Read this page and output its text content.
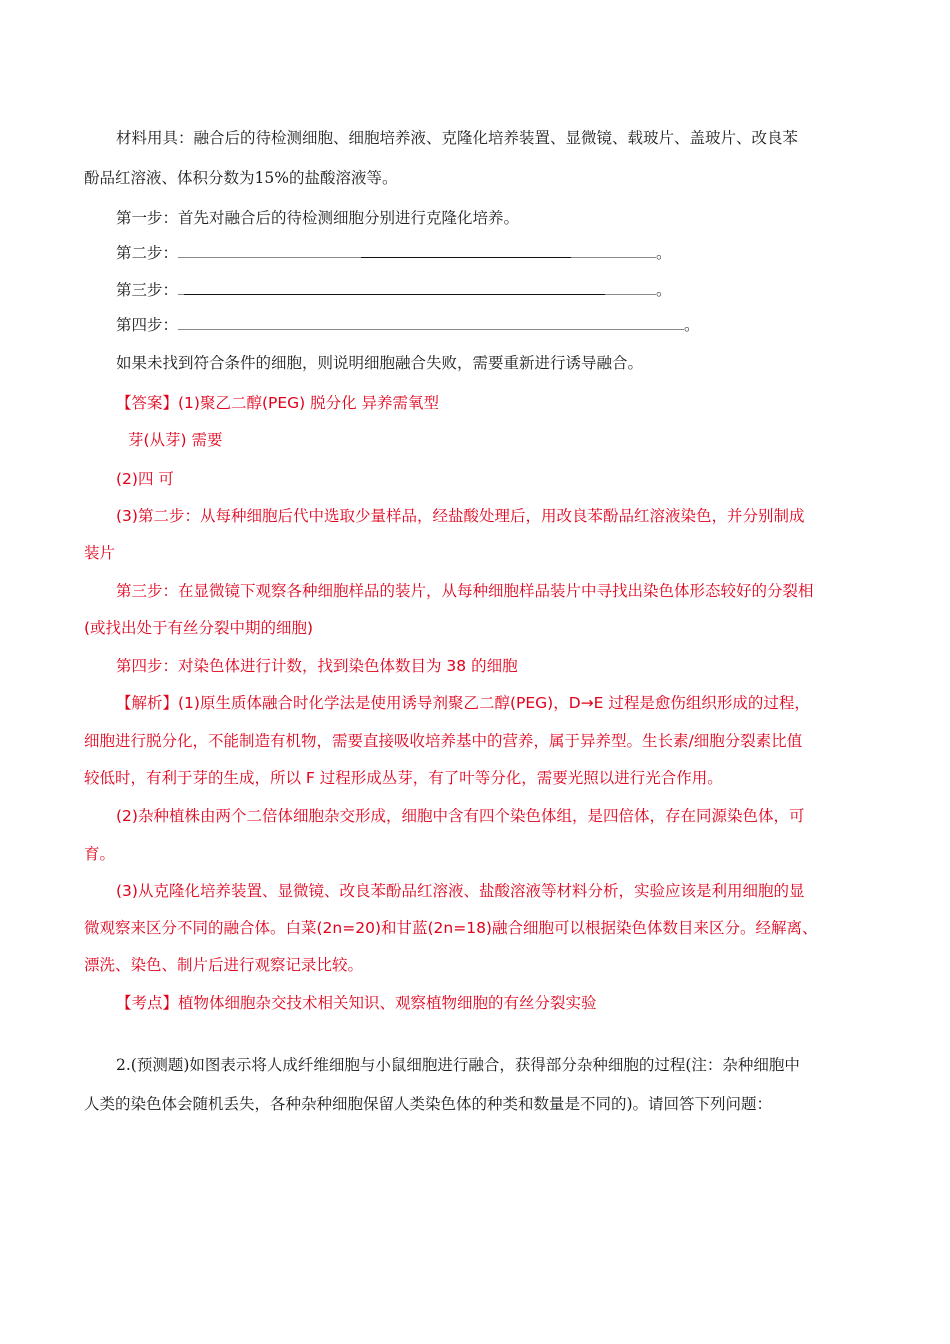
材料用具：融合后的待检测细胞、细胞培养液、克隆化培养装置、显微镜、载玻片、盖玻片、改良苯
酚品红溶液、体积分数为15%的盐酸溶液等。
第一步：首先对融合后的待检测细胞分别进行克隆化培养。
第二步：	。
第三步：	。
第四步：	。
如果未找到符合条件的细胞，则说明细胞融合失败，需要重新进行诱导融合。
【答案】(1)聚乙二醇(PEG) 脱分化 异养需氧型
芽(从芽) 需要
(2)四 可
(3)第二步：从每种细胞后代中选取少量样品，经盐酸处理后，用改良苯酚品红溶液染色，并分别制成
装片
第三步：在显微镜下观察各种细胞样品的装片，从每种细胞样品装片中寻找出染色体形态较好的分裂相
(或找出处于有丝分裂中期的细胞)
第四步：对染色体进行计数，找到染色体数目为 38 的细胞
【解析】(1)原生质体融合时化学法是使用诱导剂聚乙二醇(PEG)，D→E 过程是愈伤组织形成的过程，
细胞进行脱分化，不能制造有机物，需要直接吸收培养基中的营养，属于异养型。生长素/细胞分裂素比值
较低时，有利于芽的生成，所以 F 过程形成丛芽，有了叶等分化，需要光照以进行光合作用。
(2)杂种植株由两个二倍体细胞杂交形成，细胞中含有四个染色体组，是四倍体，存在同源染色体，可
育。
(3)从克隆化培养装置、显微镜、改良苯酚品红溶液、盐酸溶液等材料分析，实验应该是利用细胞的显
微观察来区分不同的融合体。白菜(2n=20)和甘蓝(2n=18)融合细胞可以根据染色体数目来区分。经解离、
漂洗、染色、制片后进行观察记录比较。
【考点】植物体细胞杂交技术相关知识、观察植物细胞的有丝分裂实验
2.(预测题)如图表示将人成纤维细胞与小鼠细胞进行融合，获得部分杂种细胞的过程(注：杂种细胞中
人类的染色体会随机丢失，各种杂种细胞保留人类染色体的种类和数量是不同的)。请回答下列问题：
